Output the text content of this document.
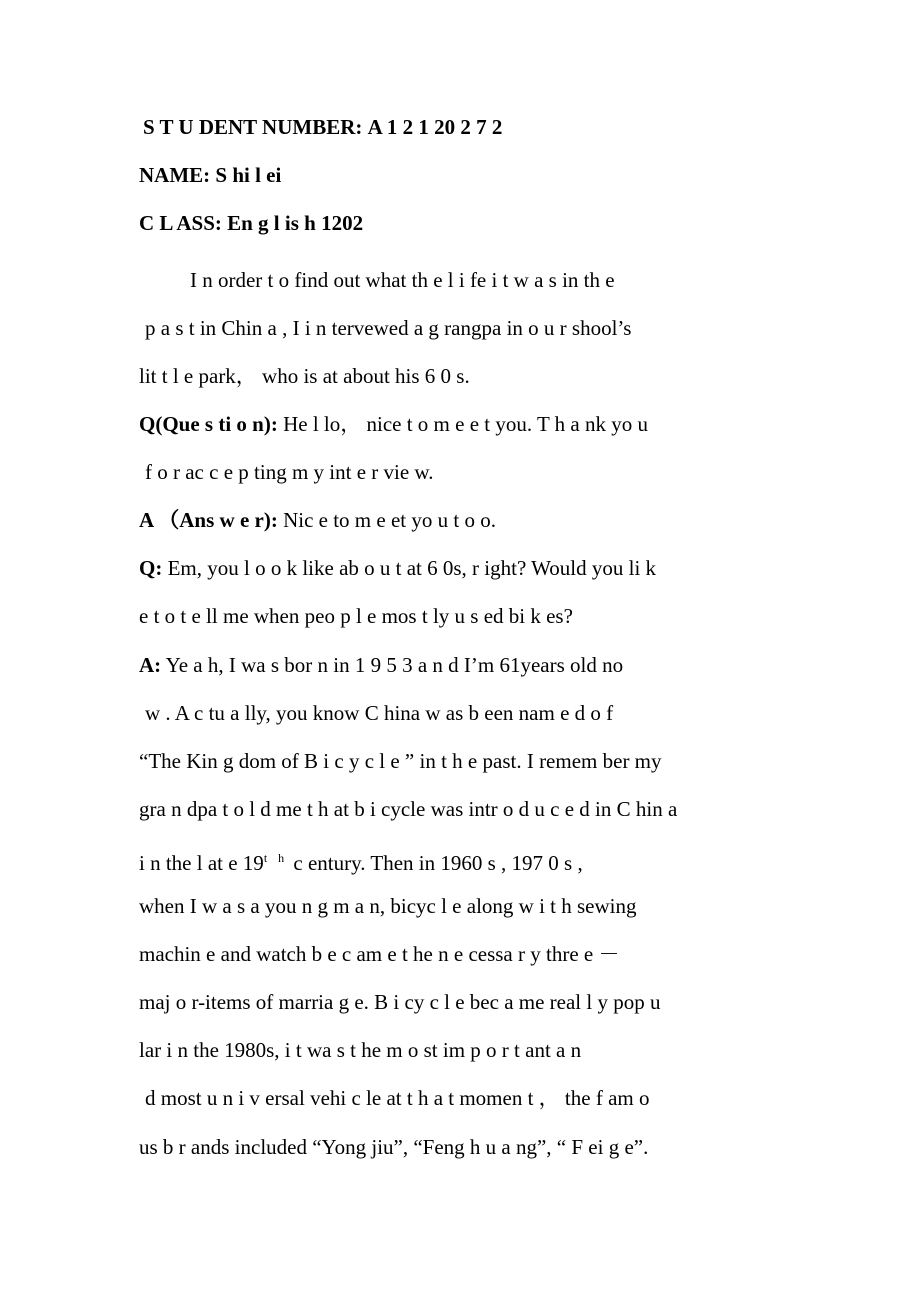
S T U DENT NUMBER: A 1 2 1 20 2 7 2
NAME: S hi l ei
C L ASS: En g l is h 1202
I n order t o find out what th e l i fe i t w a s in th e
p a s t in Chin a , I i n tervewed a g rangpa in o u r shool’s
lit t l e park， who is at about his 6 0 s.
Q(Que s ti o n): He l lo， nice t o m e e t you. T h a nk yo u
f o r ac c e p ting m y int e r vie w.
A （Ans w e r): Nic e to m e et yo u t o o.
Q: Em, you l o o k like ab o u t at 6 0s, r ight? Would you li k
e t o t e ll me when peo p l e mos t ly u s ed bi k es?
A: Ye a h, I wa s bor n in 1 9 5 3 a n d I’m 61years old no
w . A c tu a lly, you know C hina w as b een nam e d o f
“The Kin g dom of B i c y c l e ” in t h e past. I remem ber my
gra n dpa t o l d me t h at b i cycle was intr o d u c e d in C hin a
i n the l at e $19^{t h}$ c entury. Then in 1960 s , 197 0 s ,
when I w a s a you n g m a n, bicyc l e along w i t h sewing
machin e and watch b e c am e t he n e cessa r y thre e －
maj o r-items of marria g e. B i cy c l e bec a me real l y pop u
lar i n the 1980s, i t wa s t he m o st im p o r t ant a n
d most u n i v ersal vehi c le at t h a t momen t ， the f am o
us b r ands included “Yong jiu”, “Feng h u a ng”, “ F ei g e”.
